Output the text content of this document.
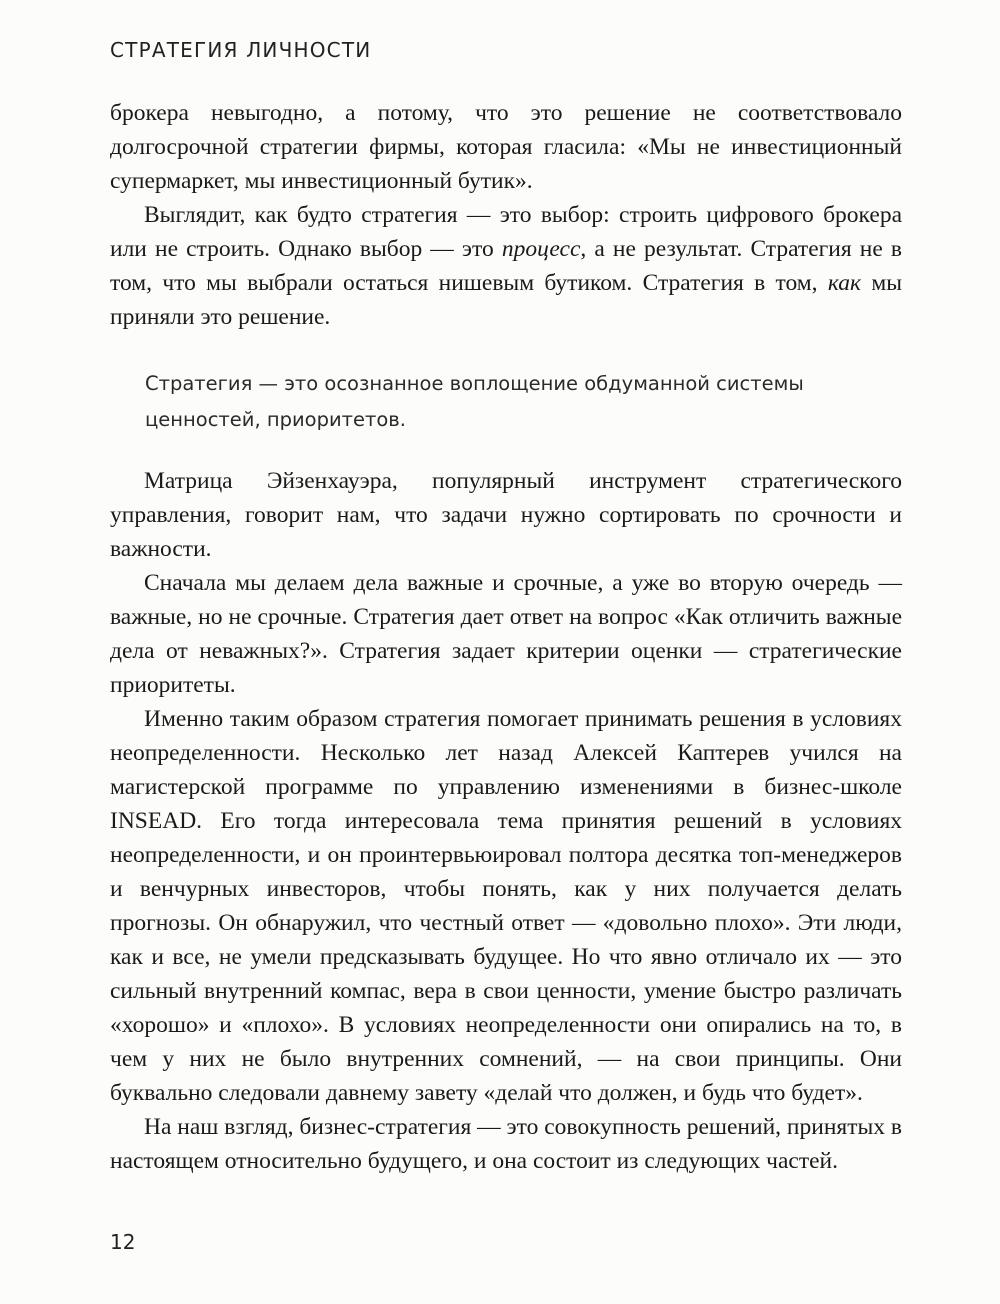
СТРАТЕГИЯ ЛИЧНОСТИ

брокера невыгодно, а потому, что это решение не соответствовало долгосрочной стратегии фирмы, которая гласила: «Мы не инвестиционный супермаркет, мы инвестиционный бутик».

Выглядит, как будто стратегия — это выбор: строить цифрового брокера или не строить. Однако выбор — это процесс, а не результат. Стратегия не в том, что мы выбрали остаться нишевым бутиком. Стратегия в том, как мы приняли это решение.

Стратегия — это осознанное воплощение обдуманной системы ценностей, приоритетов.

Матрица Эйзенхауэра, популярный инструмент стратегического управления, говорит нам, что задачи нужно сортировать по срочности и важности.

Сначала мы делаем дела важные и срочные, а уже во вторую очередь — важные, но не срочные. Стратегия дает ответ на вопрос «Как отличить важные дела от неважных?». Стратегия задает критерии оценки — стратегические приоритеты.

Именно таким образом стратегия помогает принимать решения в условиях неопределенности. Несколько лет назад Алексей Каптерев учился на магистерской программе по управлению изменениями в бизнес-школе INSEAD. Его тогда интересовала тема принятия решений в условиях неопределенности, и он проинтервьюировал полтора десятка топ-менеджеров и венчурных инвесторов, чтобы понять, как у них получается делать прогнозы. Он обнаружил, что честный ответ — «довольно плохо». Эти люди, как и все, не умели предсказывать будущее. Но что явно отличало их — это сильный внутренний компас, вера в свои ценности, умение быстро различать «хорошо» и «плохо». В условиях неопределенности они опирались на то, в чем у них не было внутренних сомнений, — на свои принципы. Они буквально следовали давнему завету «делай что должен, и будь что будет».

На наш взгляд, бизнес-стратегия — это совокупность решений, принятых в настоящем относительно будущего, и она состоит из следующих частей.

12
